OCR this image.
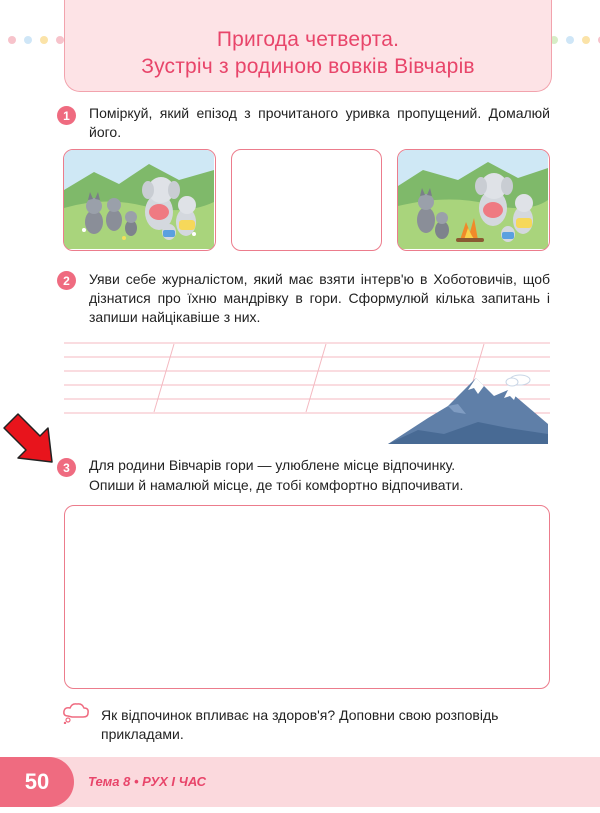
Пригода четверта.
Зустріч з родиною вовків Вівчарів
1	Поміркуй, який епізод з прочитаного уривка пропущений. Домалюй його.
2	Уяви себе журналістом, який має взяти інтерв'ю в Хоботовичів, щоб дізнатися про їхню мандрівку в гори. Сформулюй кілька запитань і запиши найцікавіше з них.
3	Для родини Вівчарів гори — улюблене місце відпочинку.
Опиши й намалюй місце, де тобі комфортно відпочивати.
Як відпочинок впливає на здоров'я? Доповни свою розповідь
прикладами.
50	Тема 8 • РУХ І ЧАС
